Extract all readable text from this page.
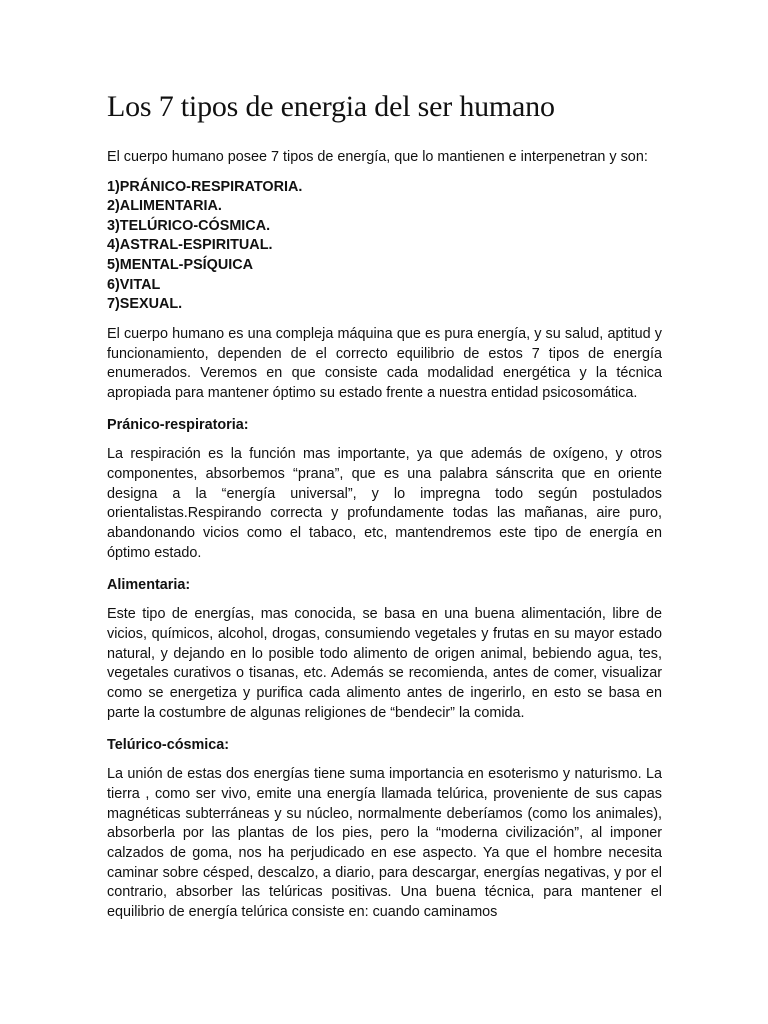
Los 7 tipos de energia del ser humano

El cuerpo humano posee 7 tipos de energía, que lo mantienen e interpenetran y son:

1)PRÁNICO-RESPIRATORIA.
2)ALIMENTARIA.
3)TELÚRICO-CÓSMICA.
4)ASTRAL-ESPIRITUAL.
5)MENTAL-PSÍQUICA
6)VITAL
7)SEXUAL.

El cuerpo humano es una compleja máquina que es pura energía, y su salud, aptitud y funcionamiento, dependen de el correcto equilibrio de estos 7 tipos de energía enumerados. Veremos en que consiste cada modalidad energética y la técnica apropiada para mantener óptimo su estado frente a nuestra entidad psicosomática.

Pránico-respiratoria:

La respiración es la función mas importante, ya que además de oxígeno, y otros componentes, absorbemos “prana”, que es una palabra sánscrita que en oriente designa a la “energía universal”, y lo impregna todo según postulados orientalistas.Respirando correcta y profundamente todas las mañanas, aire puro, abandonando vicios como el tabaco, etc, mantendremos este tipo de energía en óptimo estado.

Alimentaria:

Este tipo de energías, mas conocida, se basa en una buena alimentación, libre de vicios, químicos, alcohol, drogas, consumiendo vegetales y frutas en su mayor estado natural, y dejando en lo posible todo alimento de origen animal, bebiendo agua, tes, vegetales curativos o tisanas, etc. Además se recomienda, antes de comer, visualizar como se energetiza y purifica cada alimento antes de ingerirlo, en esto se basa en parte la costumbre de algunas religiones de “bendecir” la comida.

Telúrico-cósmica:

La unión de estas dos energías tiene suma importancia en esoterismo y naturismo. La tierra , como ser vivo, emite una energía llamada telúrica, proveniente de sus capas magnéticas subterráneas y su núcleo, normalmente deberíamos (como los animales), absorberla por las plantas de los pies, pero la “moderna civilización”, al imponer calzados de goma, nos ha perjudicado en ese aspecto. Ya que el hombre necesita caminar sobre césped, descalzo, a diario, para descargar, energías negativas, y por el contrario, absorber las telúricas positivas. Una buena técnica, para mantener el equilibrio de energía telúrica consiste en: cuando caminamos
